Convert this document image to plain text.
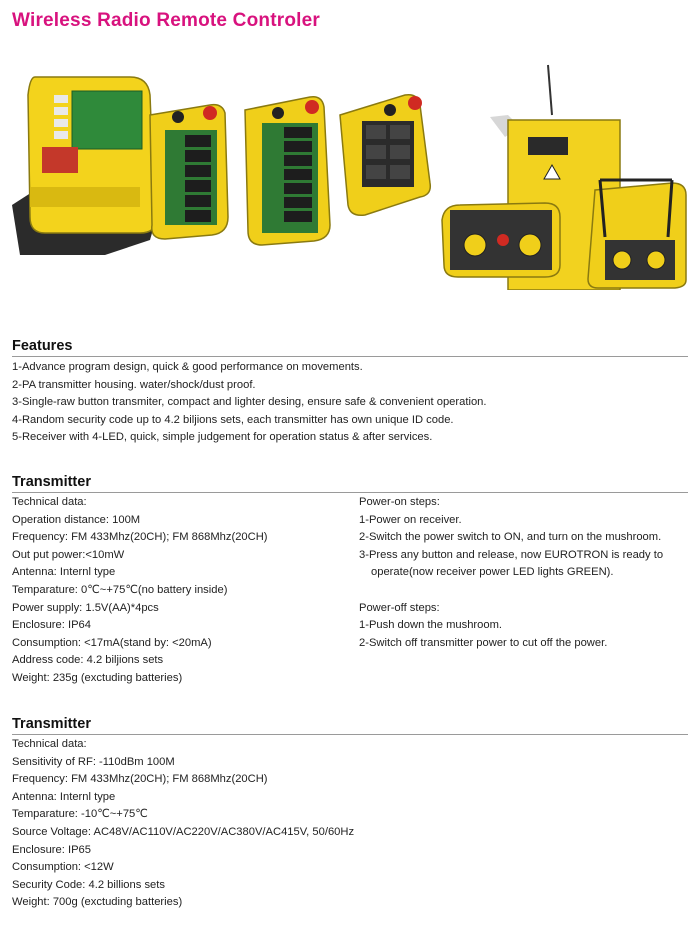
Wireless Radio Remote Controler
Features
1-Advance program design, quick & good performance on movements.
2-PA transmitter housing. water/shock/dust proof.
3-Single-raw button transmiter, compact and lighter desing, ensure safe & convenient operation.
4-Random security code up to 4.2 biljions sets, each transmitter has own unique ID code.
5-Receiver with 4-LED, quick, simple judgement for operation status & after services.
Transmitter
Technical data:
Operation distance: 100M
Frequency: FM 433Mhz(20CH); FM 868Mhz(20CH)
Out put power:<10mW
Antenna: Internl type
Temparature: 0℃~+75℃(no battery inside)
Power supply: 1.5V(AA)*4pcs
Enclosure: IP64
Consumption: <17mA(stand by: <20mA)
Address code: 4.2 biljions sets
Weight: 235g (exctuding batteries)
Power-on steps:
1-Power on receiver.
2-Switch the power switch to ON, and turn on the mushroom.
3-Press any button and release, now EUROTRON is ready to
operate(now receiver power LED lights GREEN).
Power-off steps:
1-Push down the mushroom.
2-Switch off transmitter power to cut off the power.
Transmitter
Technical data:
Sensitivity of RF: -110dBm 100M
Frequency: FM 433Mhz(20CH); FM 868Mhz(20CH)
Antenna: Internl type
Temparature: -10℃~+75℃
Source Voltage: AC48V/AC110V/AC220V/AC380V/AC415V, 50/60Hz
Enclosure: IP65
Consumption: <12W
Security Code: 4.2 billions sets
Weight: 700g (exctuding batteries)
